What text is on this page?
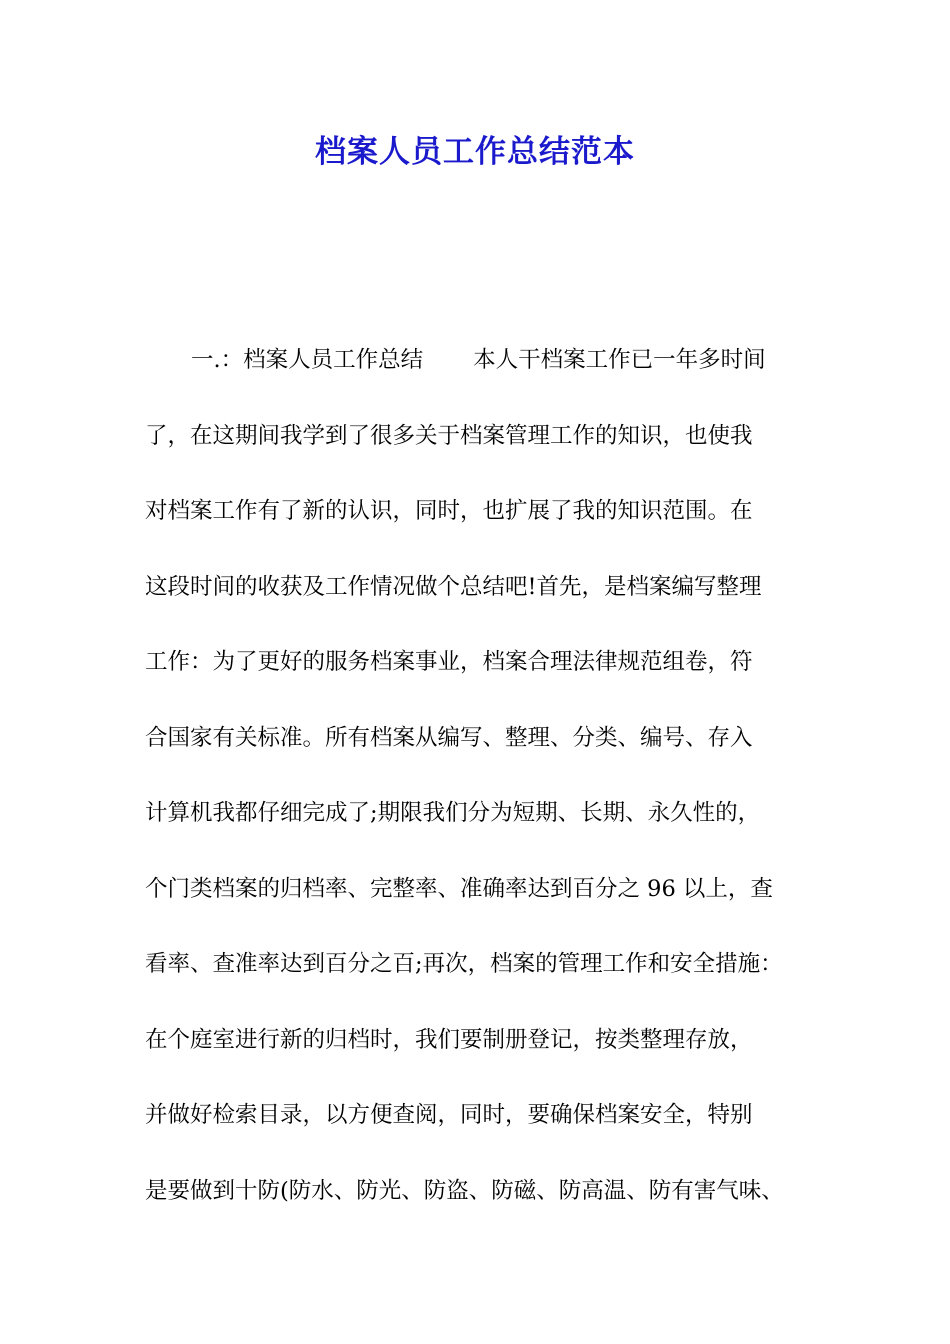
档案人员工作总结范本
一.：档案人员工作总结 本人干档案工作已一年多时间
了，在这期间我学到了很多关于档案管理工作的知识，也使我
对档案工作有了新的认识，同时，也扩展了我的知识范围。在
这段时间的收获及工作情况做个总结吧!首先，是档案编写整理
工作：为了更好的服务档案事业，档案合理法律规范组卷，符
合国家有关标准。所有档案从编写、整理、分类、编号、存入
计算机我都仔细完成了;期限我们分为短期、长期、永久性的，
个门类档案的归档率、完整率、准确率达到百分之 96 以上，查
看率、查准率达到百分之百;再次，档案的管理工作和安全措施：
在个庭室进行新的归档时，我们要制册登记，按类整理存放，
并做好检索目录，以方便查阅，同时，要确保档案安全，特别
是要做到十防(防水、防光、防盗、防磁、防高温、防有害气味、
